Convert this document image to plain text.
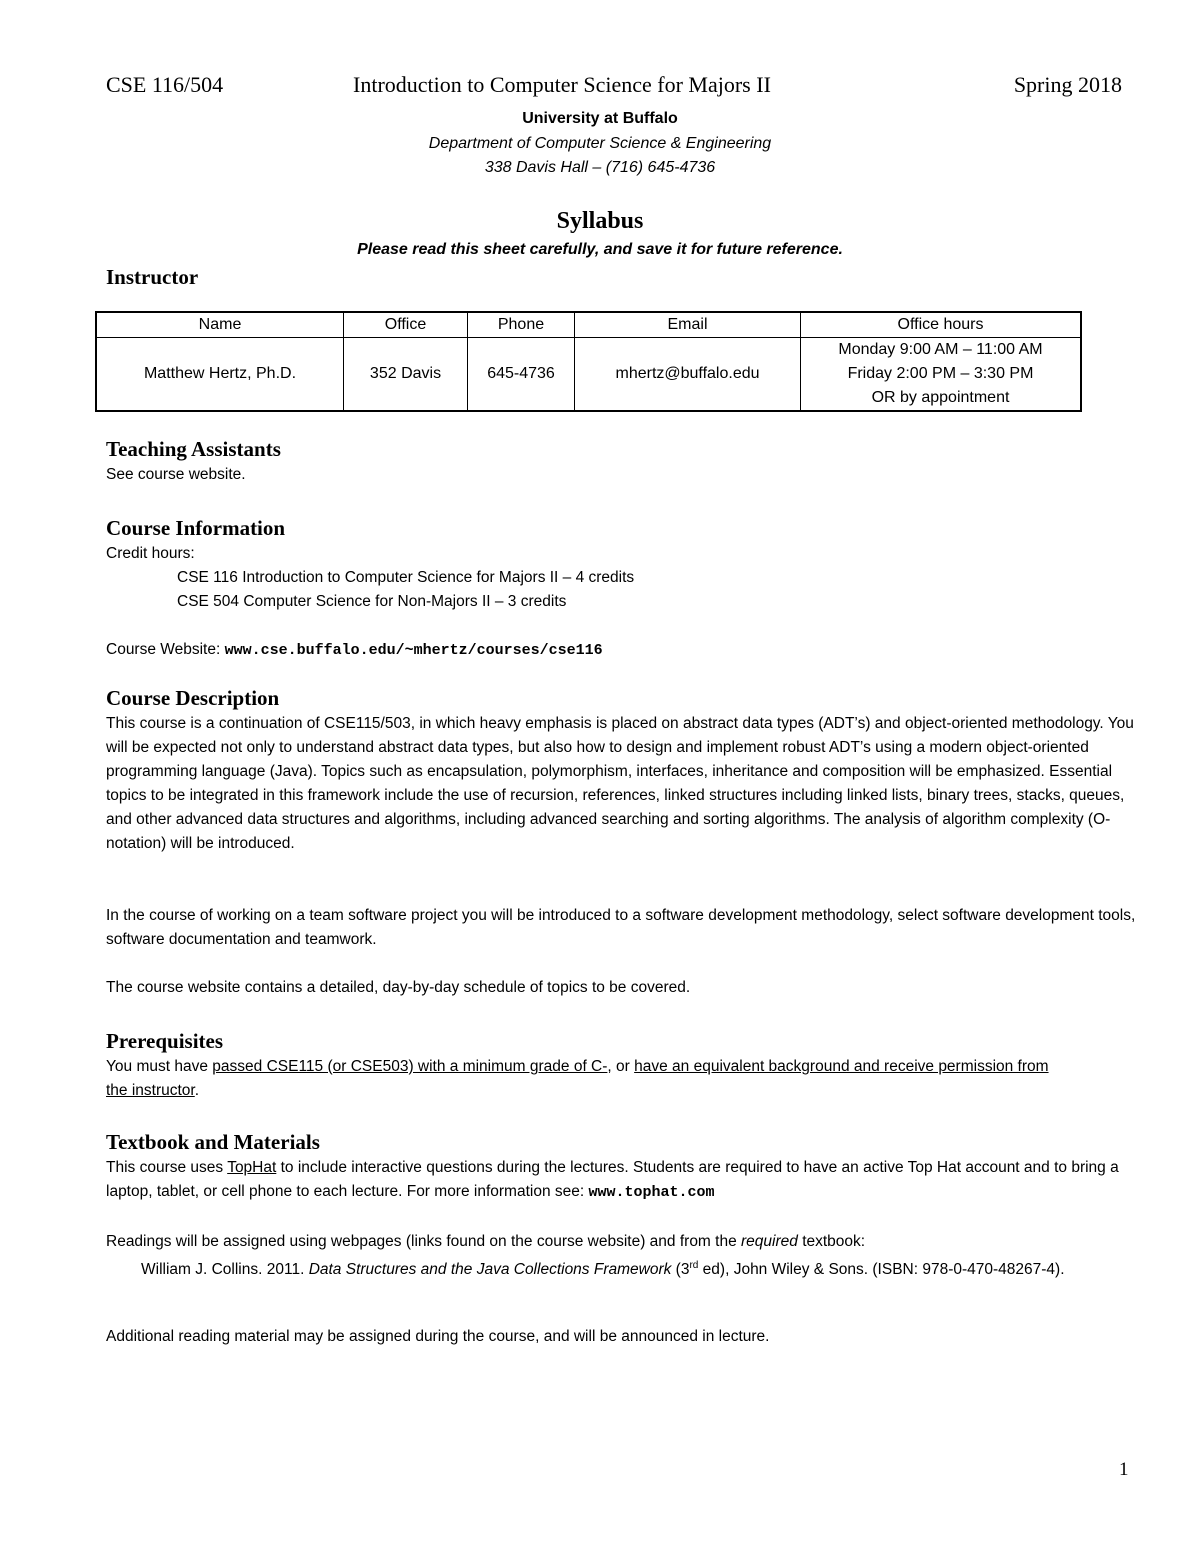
CSE 116/504	Introduction to Computer Science for Majors II	Spring 2018
University at Buffalo
Department of Computer Science & Engineering
338 Davis Hall – (716) 645-4736
Syllabus
Please read this sheet carefully, and save it for future reference.
Instructor
Name	Office	Phone	Email	Office hours
Matthew Hertz, Ph.D.	352 Davis	645-4736	mhertz@buffalo.edu	Monday 9:00 AM – 11:00 AM
Friday 2:00 PM – 3:30 PM
OR by appointment
Teaching Assistants
See course website.
Course Information
Credit hours:
CSE 116 Introduction to Computer Science for Majors II – 4 credits
CSE 504 Computer Science for Non-Majors II – 3 credits
Course Website: www.cse.buffalo.edu/~mhertz/courses/cse116
Course Description
This course is a continuation of CSE115/503, in which heavy emphasis is placed on abstract data types (ADT’s) and object-oriented methodology. You will be expected not only to understand abstract data types, but also how to design and implement robust ADT’s using a modern object-oriented programming language (Java). Topics such as encapsulation, polymorphism, interfaces, inheritance and composition will be emphasized. Essential topics to be integrated in this framework include the use of recursion, references, linked structures including linked lists, binary trees, stacks, queues, and other advanced data structures and algorithms, including advanced searching and sorting algorithms. The analysis of algorithm complexity (O-notation) will be introduced.
In the course of working on a team software project you will be introduced to a software development methodology, select software development tools, software documentation and teamwork.
The course website contains a detailed, day-by-day schedule of topics to be covered.
Prerequisites
You must have passed CSE115 (or CSE503) with a minimum grade of C-, or have an equivalent background and receive permission from the instructor.
Textbook and Materials
This course uses TopHat to include interactive questions during the lectures. Students are required to have an active Top Hat account and to bring a laptop, tablet, or cell phone to each lecture. For more information see: www.tophat.com
Readings will be assigned using webpages (links found on the course website) and from the required textbook:
William J. Collins. 2011. Data Structures and the Java Collections Framework (3rd ed), John Wiley & Sons. (ISBN: 978-0-470-48267-4).
Additional reading material may be assigned during the course, and will be announced in lecture.
1
